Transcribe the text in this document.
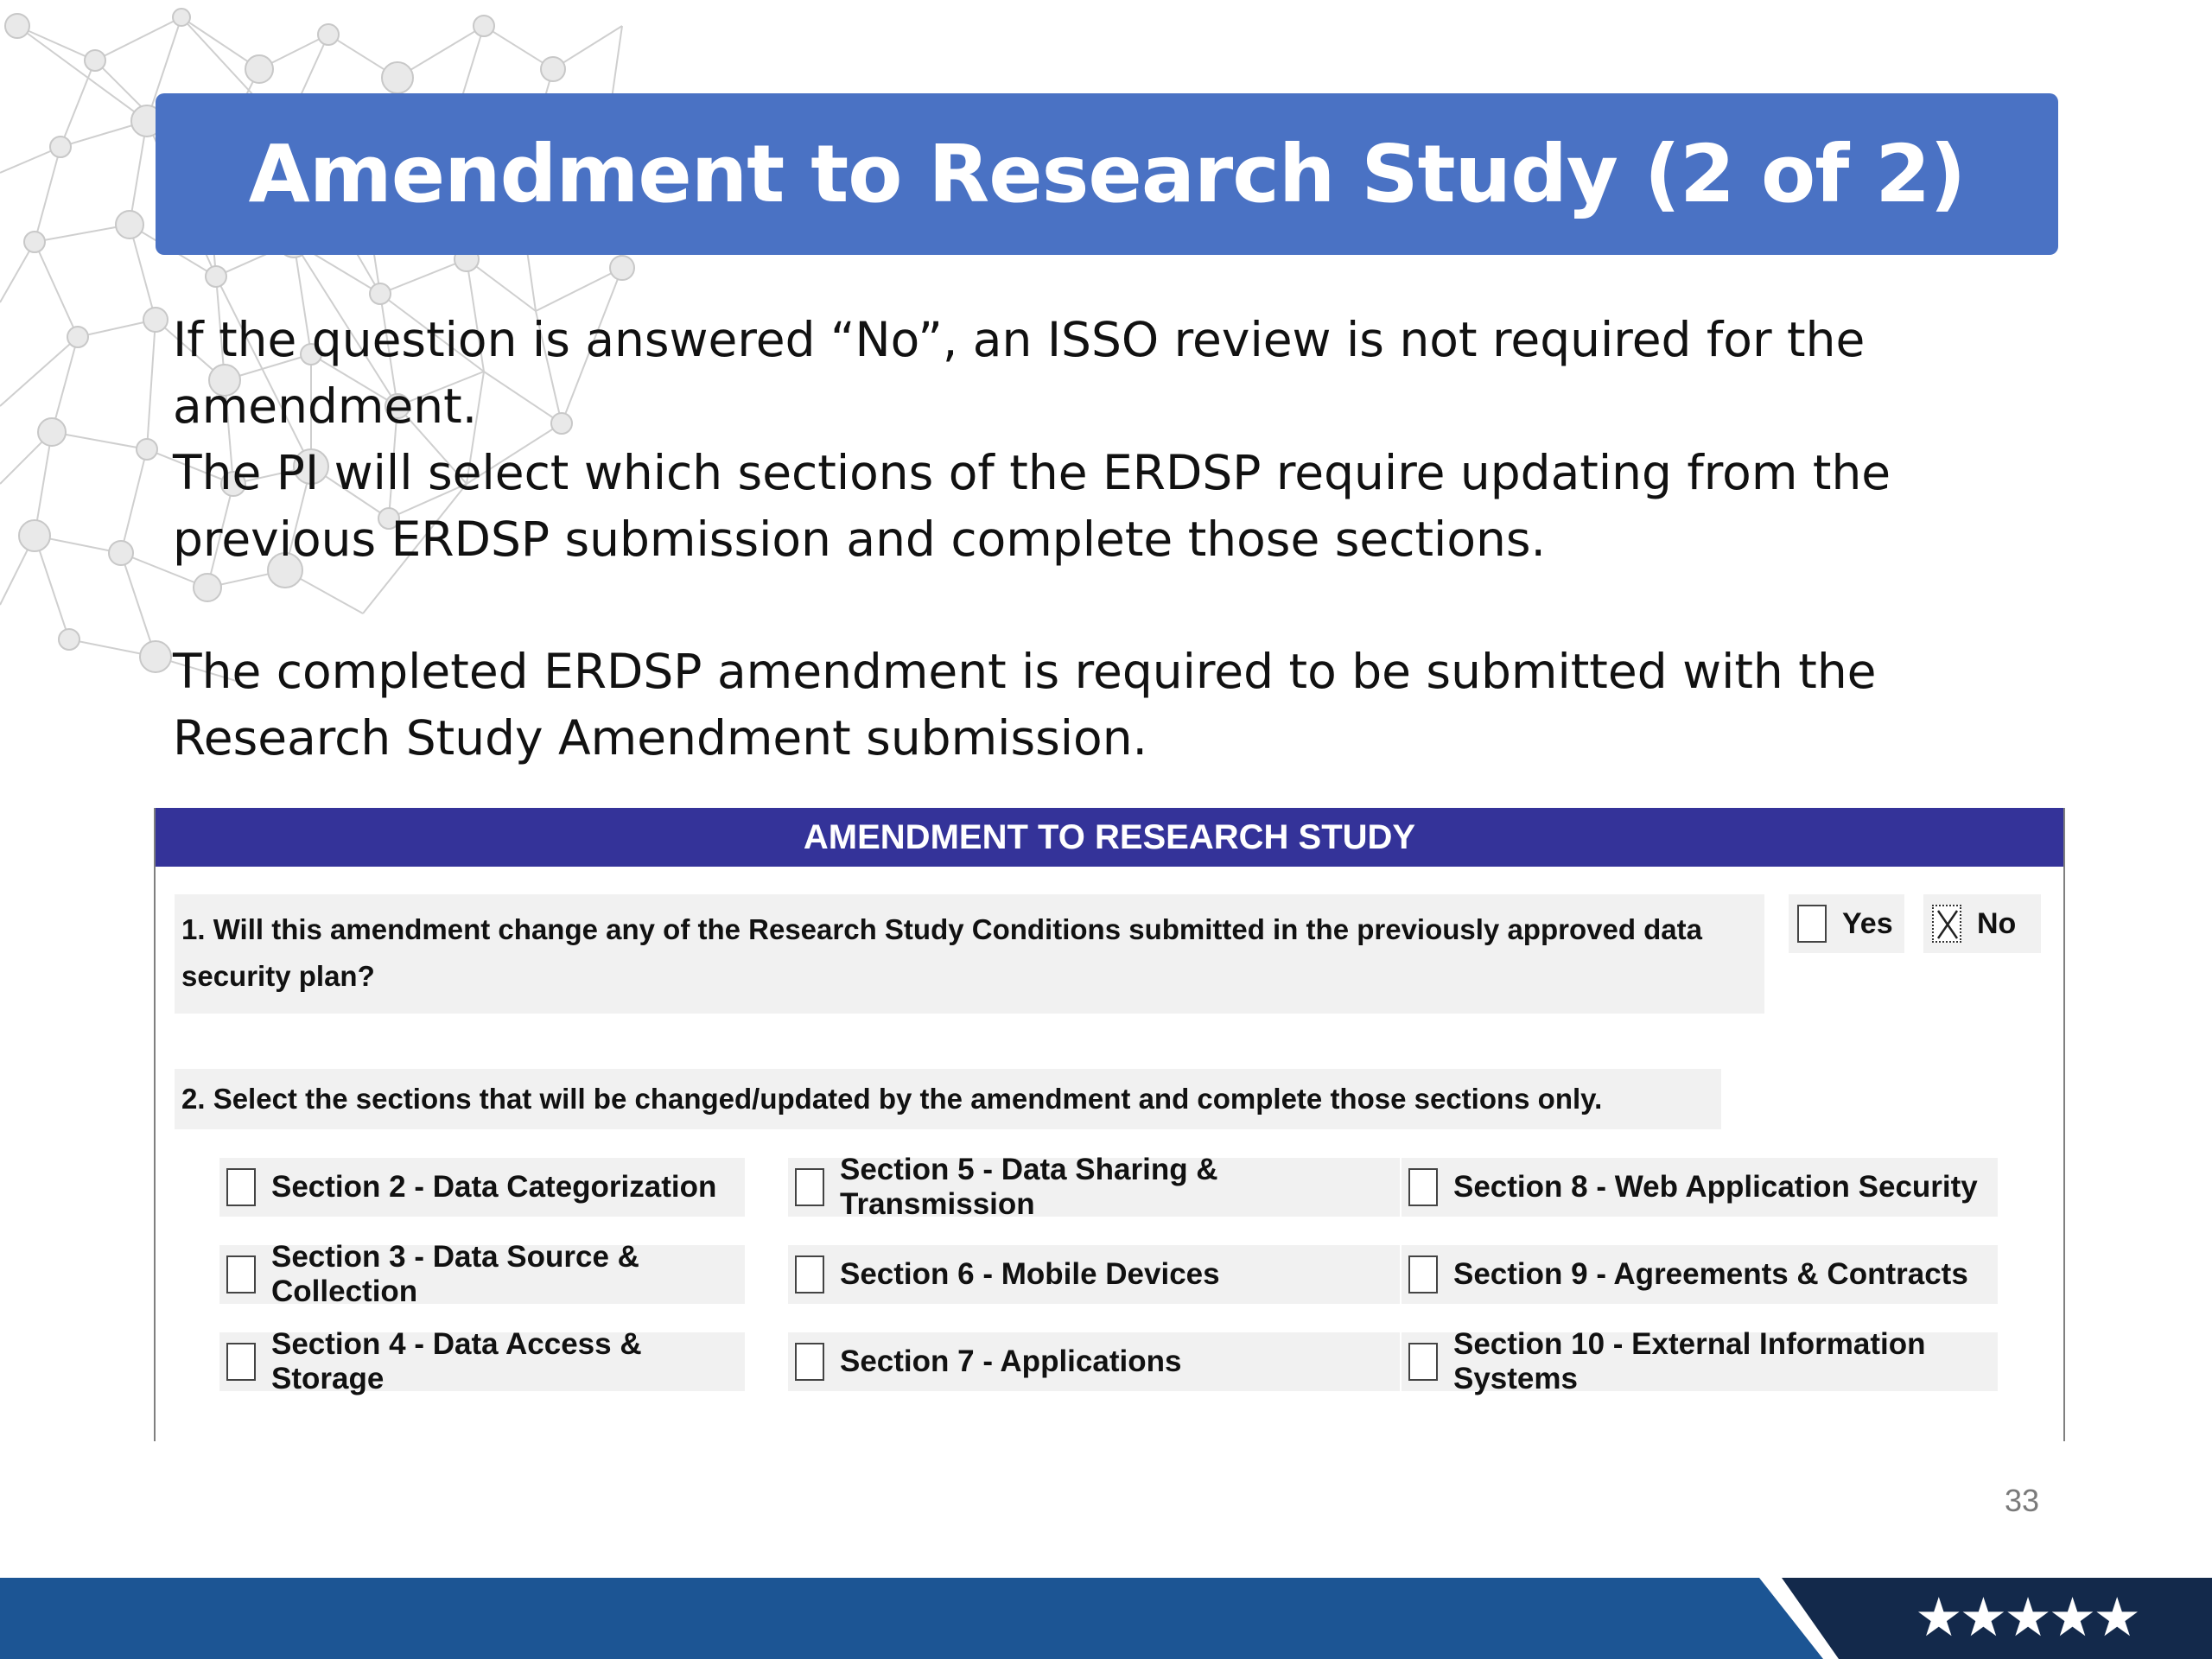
Amendment to Research Study (2 of 2)

If the question is answered “No”, an ISSO review is not required for the amendment.

The PI will select which sections of the ERDSP require updating from the previous ERDSP submission and complete those sections.

The completed ERDSP amendment is required to be submitted with the Research Study Amendment submission.

AMENDMENT TO RESEARCH STUDY
1. Will this amendment change any of the Research Study Conditions submitted in the previously approved data security plan?
Yes	No
2. Select the sections that will be changed/updated by the amendment and complete those sections only.
Section 2 - Data Categorization
Section 5 - Data Sharing & Transmission
Section 8 - Web Application Security
Section 3 - Data Source & Collection
Section 6 - Mobile Devices	Section 9 - Agreements & Contracts
Section 4 - Data Access & Storage
Section 7 - Applications
Section 10 - External Information Systems
33
★★★★★
